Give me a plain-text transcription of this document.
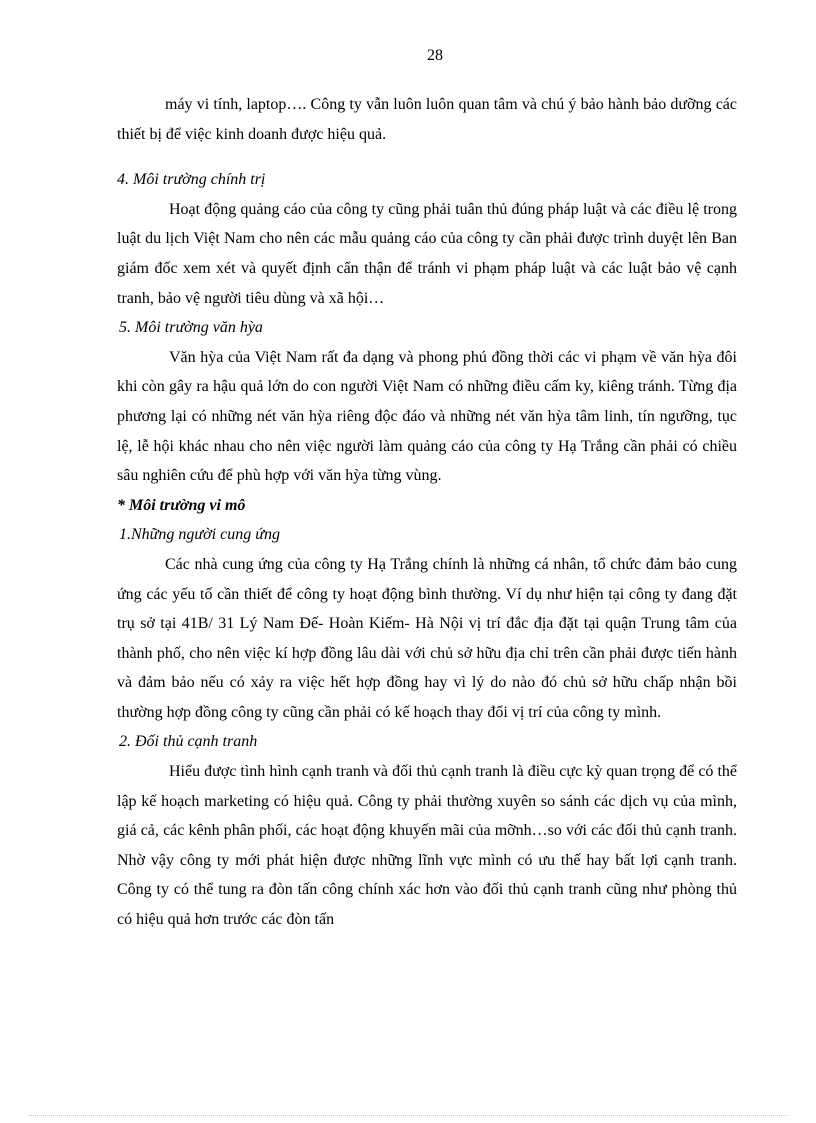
28

máy vi tính, laptop…. Công ty vẫn luôn luôn quan tâm và chú ý bảo hành bảo dưỡng các thiết bị để việc kinh doanh được hiệu quả.

4. Môi trường chính trị

Hoạt động quảng cáo của công ty cũng phải tuân thủ đúng pháp luật và các điều lệ trong luật du lịch Việt Nam cho nên các mẫu quảng cáo của công ty cần phải được trình duyệt lên Ban giám đốc xem xét và quyết định cẩn thận để tránh vi phạm pháp luật và các luật bảo vệ cạnh tranh, bảo vệ người tiêu dùng và xã hội…

5. Môi trường văn hỳa

Văn hỳa của Việt Nam rất đa dạng và phong phú đồng thời các vi phạm về văn hỳa đôi khi còn gây ra hậu quả lớn do con người Việt Nam có những điều cấm ky, kiêng tránh. Từng địa phương lại có những nét văn hỳa riêng độc đáo và những nét văn hỳa tâm linh, tín ngưỡng, tục lệ, lễ hội khác nhau cho nên việc người làm quảng cáo của công ty Hạ Trắng cần phải có chiều sâu nghiên cứu để phù hợp với văn hỳa từng vùng.

* Môi trường vi mô

1.Những người cung ứng

Các nhà cung ứng của công ty Hạ Trắng chính là những cá nhân, tổ chức đảm bảo cung ứng các yếu tố cần thiết để công ty hoạt động bình thường. Ví dụ như hiện tại công ty đang đặt trụ sở tại 41B/ 31 Lý Nam Đế- Hoàn Kiếm- Hà Nội vị trí đắc địa đặt tại quận Trung tâm của thành phố, cho nên việc kí hợp đồng lâu dài với chủ sở hữu địa chỉ trên cần phải được tiến hành và đảm bảo nếu có xảy ra việc hết hợp đồng hay vì lý do nào đó chủ sở hữu chấp nhận bồi thường hợp đồng công ty cũng cần phải có kế hoạch thay đổi vị trí của công ty mình.

2. Đối thủ cạnh tranh

Hiểu được tình hình cạnh tranh và đối thủ cạnh tranh là điều cực kỳ quan trọng để có thể lập kế hoạch marketing có hiệu quả. Công ty phải thường xuyên so sánh các dịch vụ của mình, giá cả, các kênh phân phối, các hoạt động khuyến mãi của mỡnh…so với các đối thủ cạnh tranh. Nhờ vậy công ty mới phát hiện được những lĩnh vực mình có ưu thế hay bất lợi cạnh tranh. Công ty có thể tung ra đòn tấn công chính xác hơn vào đối thủ cạnh tranh cũng như phòng thủ có hiệu quả hơn trước các đòn tấn
